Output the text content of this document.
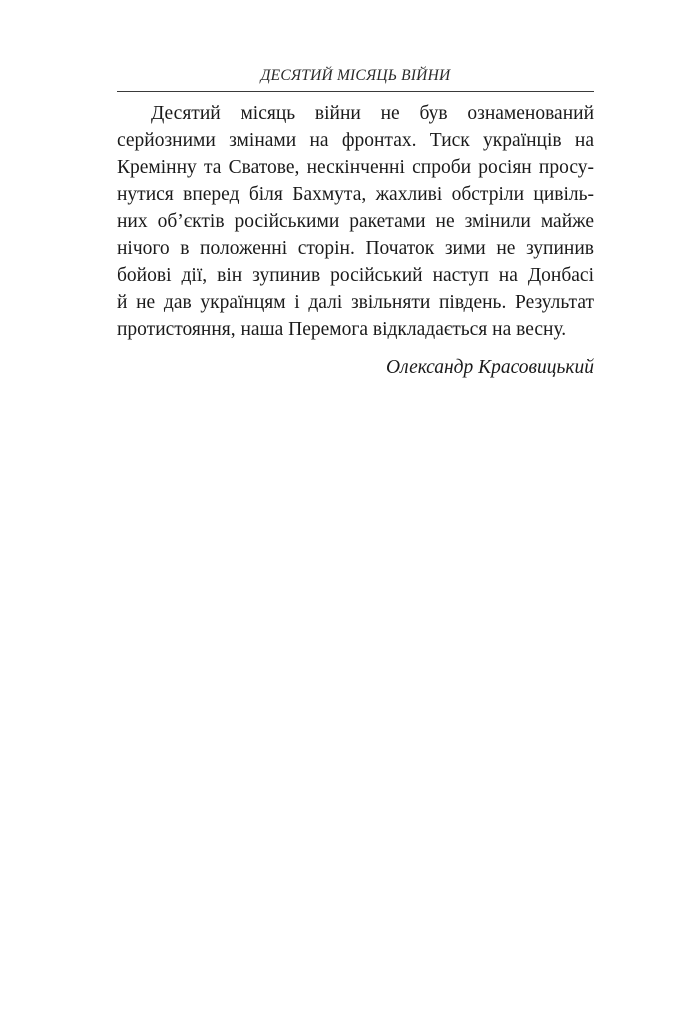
ДЕСЯТИЙ МІСЯЦЬ ВІЙНИ
Десятий місяць війни не був ознаменований
серйозними змінами на фронтах. Тиск українців на
Кремінну та Сватове, нескінченні спроби росіян просу-
нутися вперед біля Бахмута, жахливі обстріли цивіль-
них об’єктів російськими ракетами не змінили майже
нічого в положенні сторін. Початок зими не зупинив
бойові дії, він зупинив російський наступ на Донбасі
й не дав українцям і далі звільняти південь. Результат
протистояння, наша Перемога відкладається на весну.
Олександр Красовицький
